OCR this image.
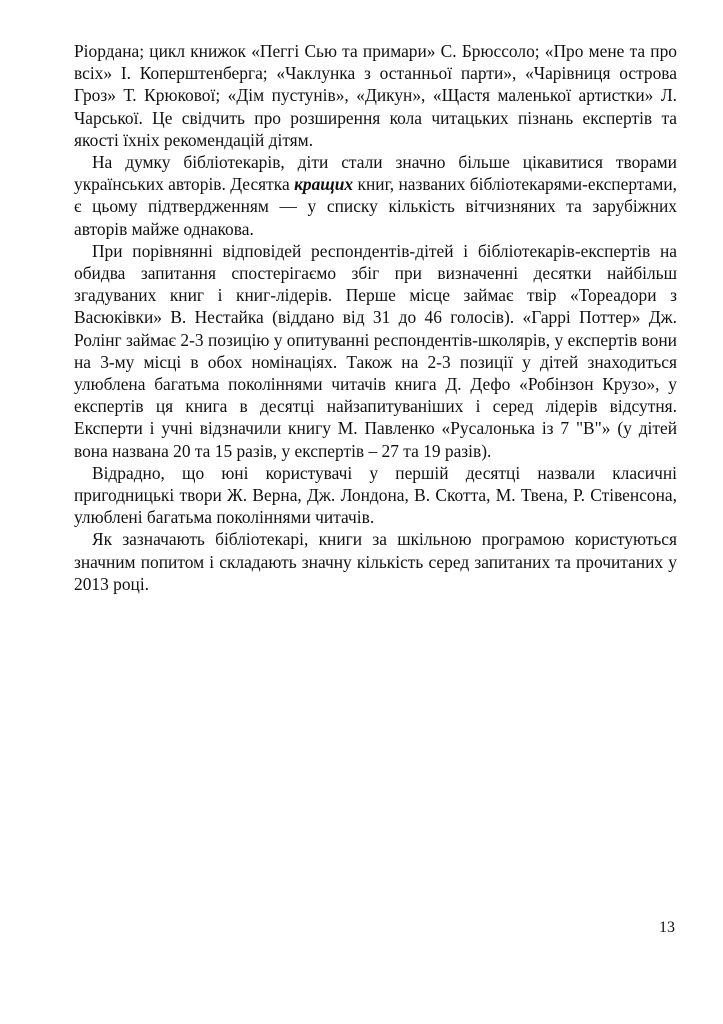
Ріордана; цикл книжок «Пеггі Сью та примари» С. Брюссоло; «Про мене та про всіх» І. Коперштенберга; «Чаклунка з останньої парти», «Чарівниця острова Гроз» Т. Крюкової; «Дім пустунів», «Дикун», «Щастя маленької артистки» Л. Чарської. Це свідчить про розширення кола читацьких пізнань експертів та якості їхніх рекомендацій дітям.

На думку бібліотекарів, діти стали значно більше цікавитися творами українських авторів. Десятка кращих книг, названих бібліотекарями-експертами, є цьому підтвердженням — у списку кількість вітчизняних та зарубіжних авторів майже однакова.

При порівнянні відповідей респондентів-дітей і бібліотекарів-експертів на обидва запитання спостерігаємо збіг при визначенні десятки найбільш згадуваних книг і книг-лідерів. Перше місце займає твір «Тореадори з Васюківки» В. Нестайка (віддано від 31 до 46 голосів). «Гаррі Поттер» Дж. Ролінг займає 2-3 позицію у опитуванні респондентів-школярів, у експертів вони на 3-му місці в обох номінаціях. Також на 2-3 позиції у дітей знаходиться улюблена багатьма поколіннями читачів книга Д. Дефо «Робінзон Крузо», у експертів ця книга в десятці найзапитуваніших і серед лідерів відсутня. Експерти і учні відзначили книгу М. Павленко «Русалонька із 7 "В"» (у дітей вона названа 20 та 15 разів, у експертів – 27 та 19 разів).

Відрадно, що юні користувачі у першій десятці назвали класичні пригодницькі твори Ж. Верна, Дж. Лондона, В. Скотта, М. Твена, Р. Стівенсона, улюблені багатьма поколіннями читачів.

Як зазначають бібліотекарі, книги за шкільною програмою користуються значним попитом і складають значну кількість серед запитаних та прочитаних у 2013 році.

13
